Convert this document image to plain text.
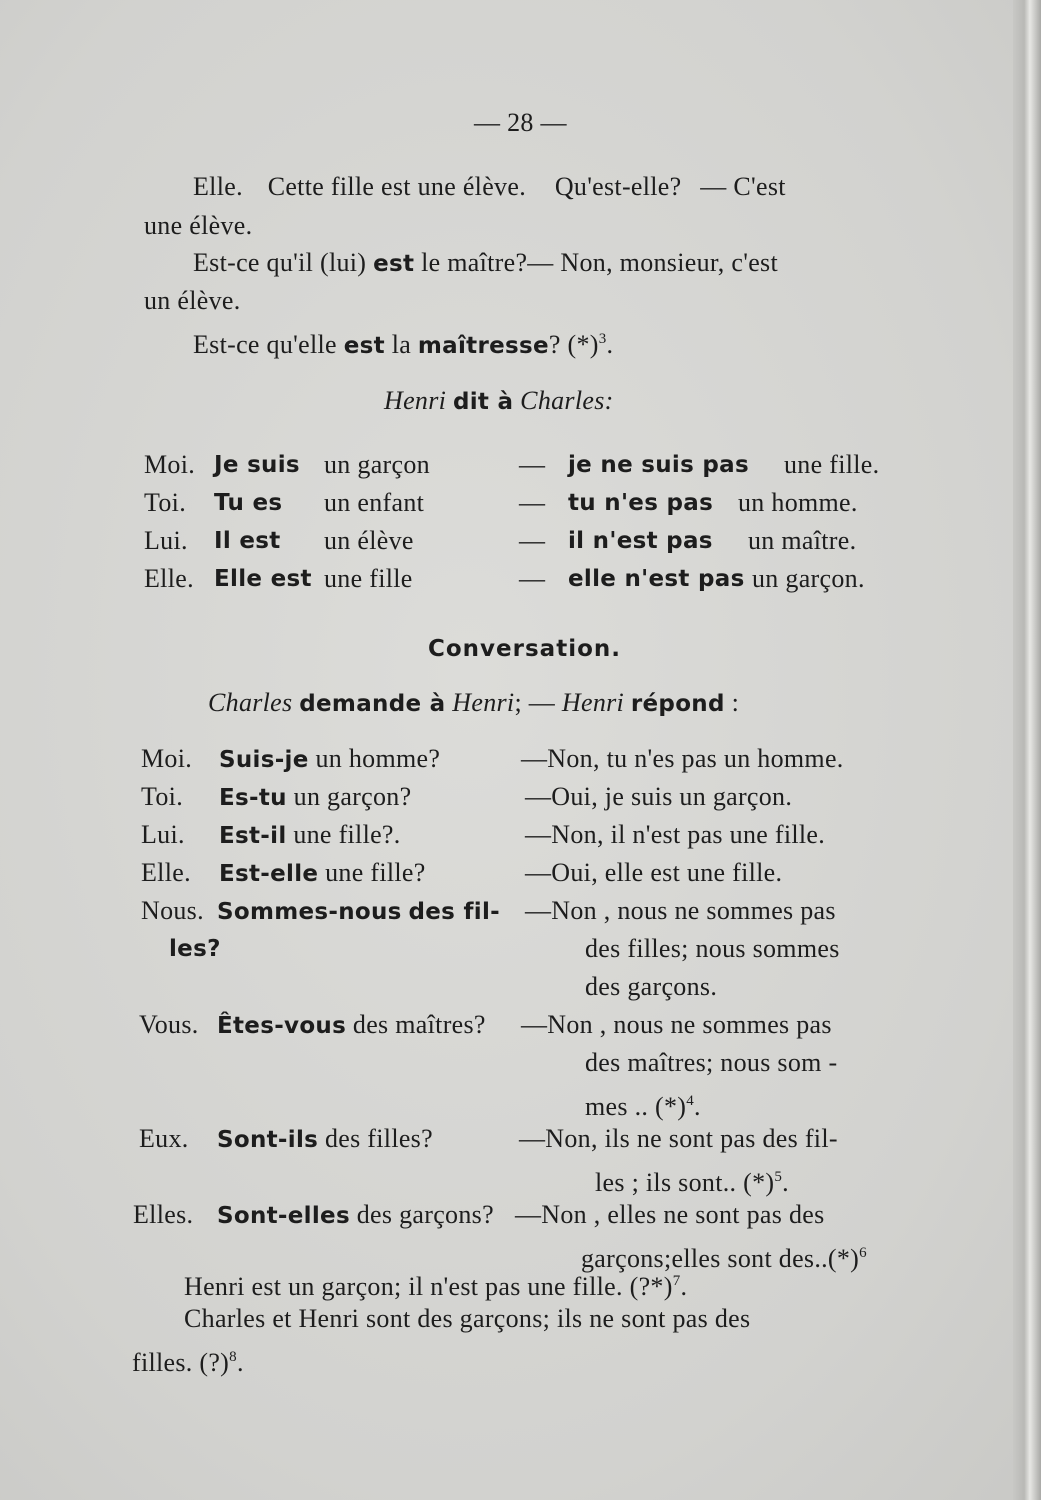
— 28 —
Elle. Cette fille est une élève. Qu'est-elle? — C'est
une élève.
Est-ce qu'il (lui) est le maître?— Non, monsieur, c'est
un élève.
Est-ce qu'elle est la maîtresse? $(*)^3$.
Henri dit à Charles:
Moi. Je suis un garçon	— je ne suis pas une fille.
Toi. Tu es un enfant	— tu n'es pas un homme.
Lui. Il est un élève	— il n'est pas un maître.
Elle. Elle est une fille	— elle n'est pas un garçon.
Conversation.
Charles demande à Henri; — Henri répond :
Moi. Suis-je un homme?	—Non, tu n'es pas un homme.
Toi. Es-tu un garçon?	—Oui, je suis un garçon.
Lui. Est-il une fille?.	—Non, il n'est pas une fille.
Elle. Est-elle une fille?	—Oui, elle est une fille.
Nous. Sommes-nous des fil-
les?
—Non , nous ne sommes pas
des filles; nous sommes
des garçons.
Vous. Êtes-vous des maîtres? —Non , nous ne sommes pas
des maîtres; nous som -
mes .. $(*)^4$.
Eux. Sont-ils des filles?	—Non, ils ne sont pas des fil-
les ; ils sont.. $(*)^5$.
Elles. Sont-elles des garçons? —Non , elles ne sont pas des
garçons;elles sont $des..(*)^6$
Henri est un garçon; il n'est pas une fille. (?*)$^7$.
Charles et Henri sont des garçons; ils ne sont pas des
filles. (?)$^8$.
